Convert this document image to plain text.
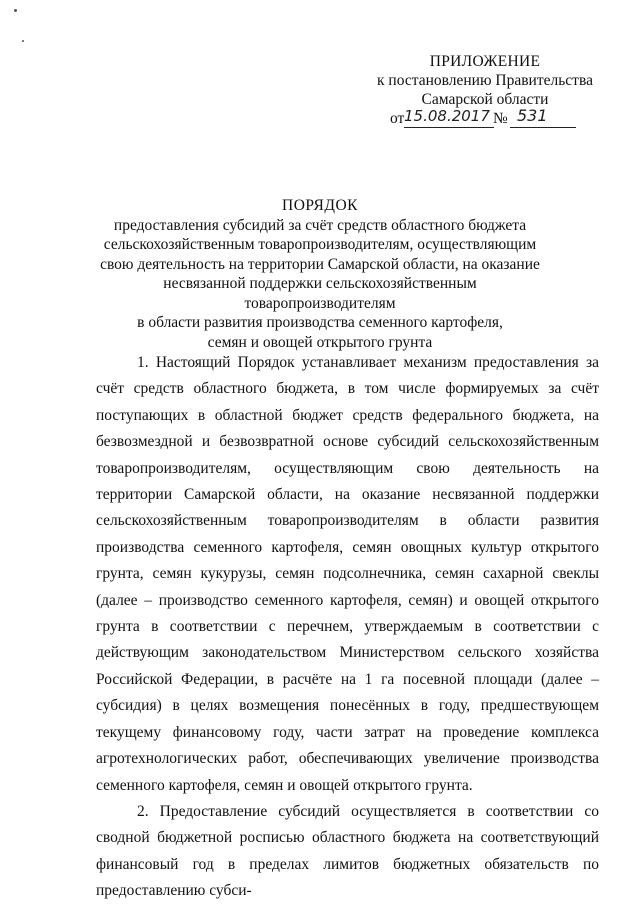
ПРИЛОЖЕНИЕ
к постановлению Правительства
Самарской области
от 15.08.2017 № 531
ПОРЯДОК
предоставления субсидий за счёт средств областного бюджета
сельскохозяйственным товаропроизводителям, осуществляющим
свою деятельность на территории Самарской области, на оказание
несвязанной поддержки сельскохозяйственным товаропроизводителям
в области развития производства семенного картофеля,
семян и овощей открытого грунта

1. Настоящий Порядок устанавливает механизм предоставления за счёт средств областного бюджета, в том числе формируемых за счёт поступающих в областной бюджет средств федерального бюджета, на безвозмездной и безвозвратной основе субсидий сельскохозяйственным товаропроизводителям, осуществляющим свою деятельность на территории Самарской области, на оказание несвязанной поддержки сельскохозяйственным товаропроизводителям в области развития производства семенного картофеля, семян овощных культур открытого грунта, семян кукурузы, семян подсолнечника, семян сахарной свеклы (далее – производство семенного картофеля, семян) и овощей открытого грунта в соответствии с перечнем, утверждаемым в соответствии с действующим законодательством Министерством сельского хозяйства Российской Федерации, в расчёте на 1 га посевной площади (далее – субсидия) в целях возмещения понесённых в году, предшествующем текущему финансовому году, части затрат на проведение комплекса агротехнологических работ, обеспечивающих увеличение производства семенного картофеля, семян и овощей открытого грунта.

2. Предоставление субсидий осуществляется в соответствии со сводной бюджетной росписью областного бюджета на соответствующий финансовый год в пределах лимитов бюджетных обязательств по предоставлению субси-
